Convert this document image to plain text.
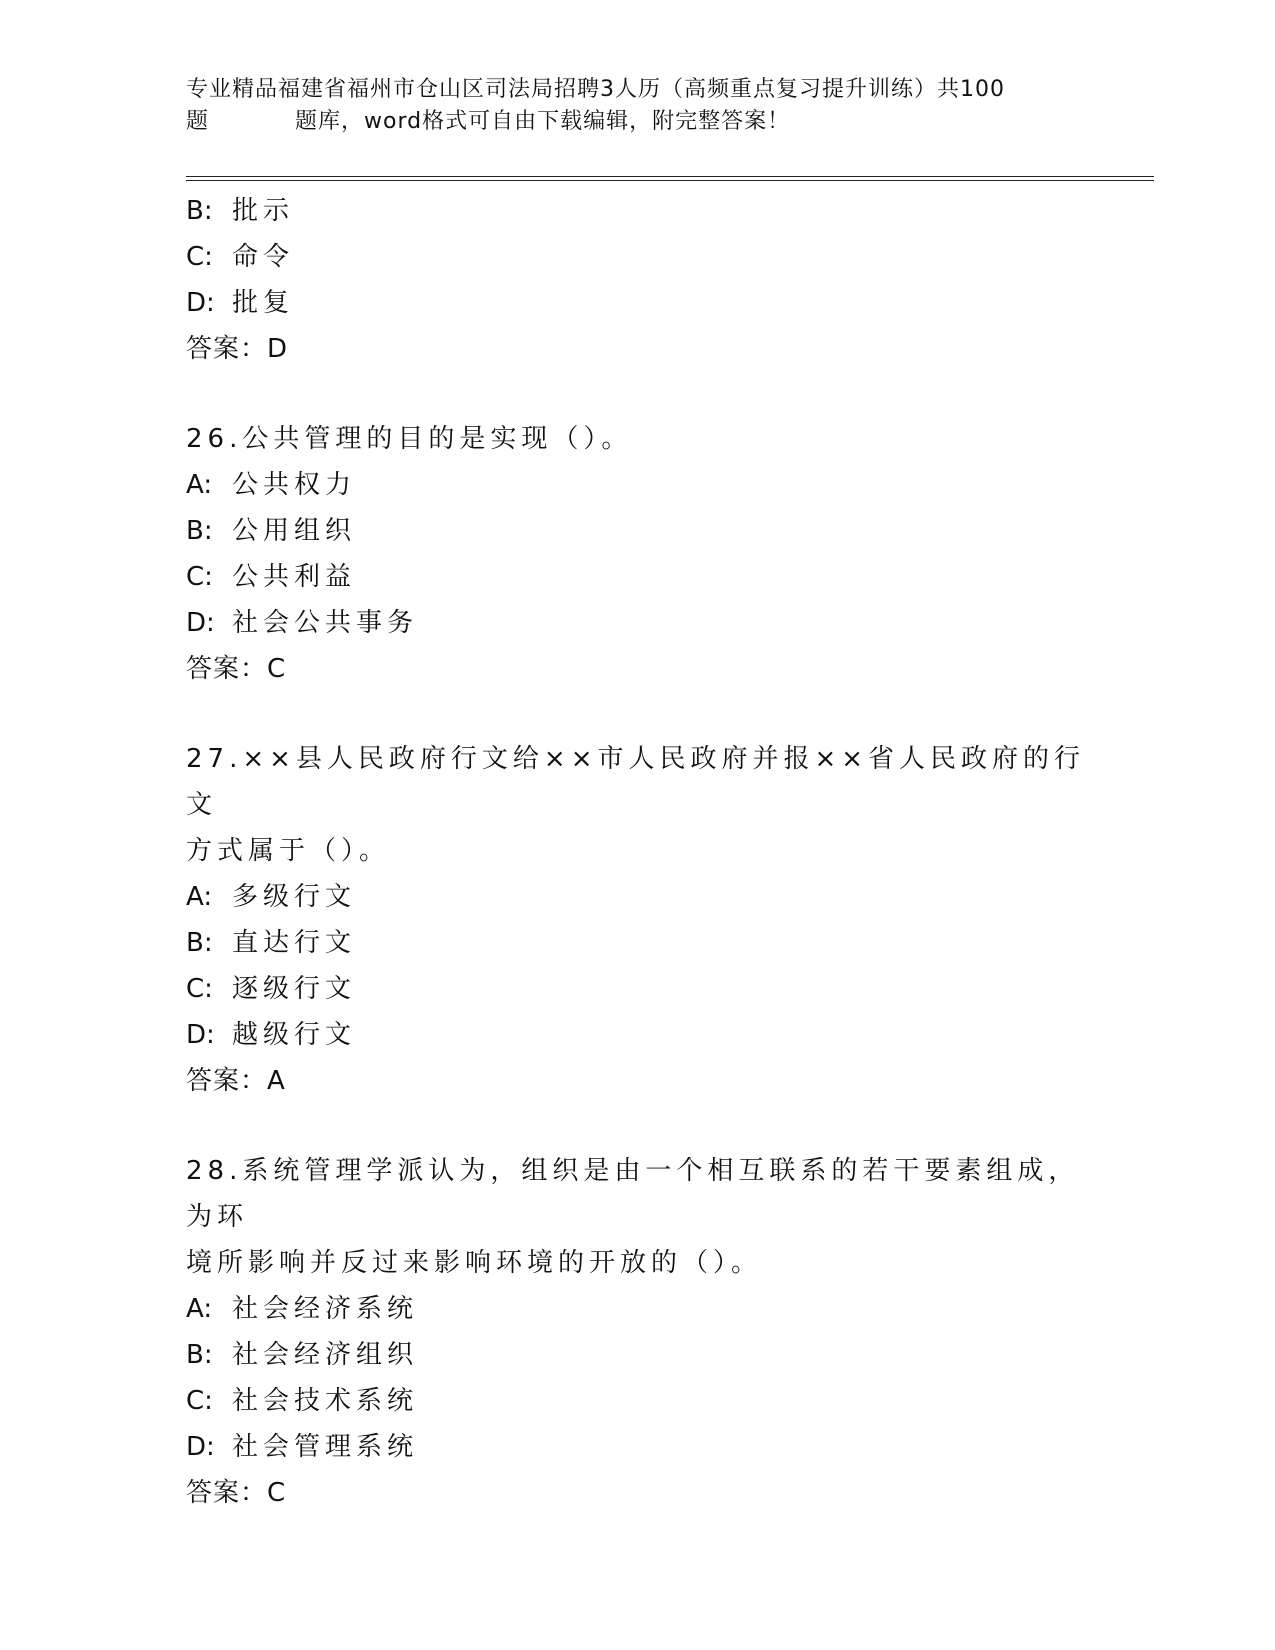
专业精品福建省福州市仓山区司法局招聘3人历（高频重点复习提升训练）共100
题	题库，word格式可自由下载编辑，附完整答案！
B: 批示
C: 命令
D: 批复
答案：D
26.公共管理的目的是实现（）。
A: 公共权力
B: 公用组织
C: 公共利益
D: 社会公共事务
答案：C
27.××县人民政府行文给××市人民政府并报××省人民政府的行文
方式属于（）。
A: 多级行文
B: 直达行文
C: 逐级行文
D: 越级行文
答案：A
28.系统管理学派认为，组织是由一个相互联系的若干要素组成，为环
境所影响并反过来影响环境的开放的（）。
A: 社会经济系统
B: 社会经济组织
C: 社会技术系统
D: 社会管理系统
答案：C
